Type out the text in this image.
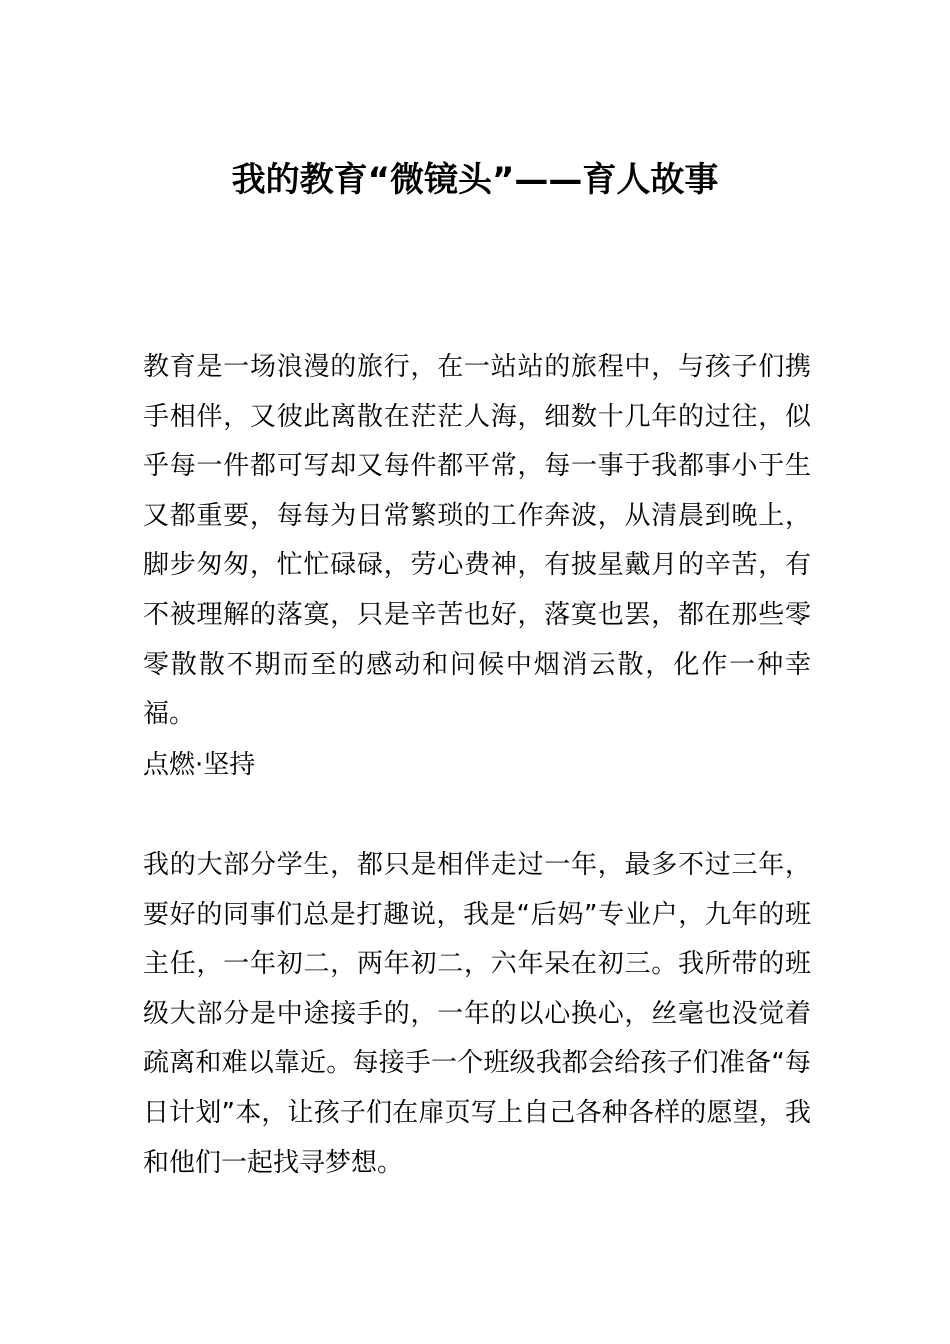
我的教育“微镜头”——育人故事

教育是一场浪漫的旅行，在一站站的旅程中，与孩子们携手相伴，又彼此离散在茫茫人海，细数十几年的过往，似乎每一件都可写却又每件都平常，每一事于我都事小于生又都重要，每每为日常繁琐的工作奔波，从清晨到晚上，脚步匆匆，忙忙碌碌，劳心费神，有披星戴月的辛苦，有不被理解的落寞，只是辛苦也好，落寞也罢，都在那些零零散散不期而至的感动和问候中烟消云散，化作一种幸福。

点燃·坚持

我的大部分学生，都只是相伴走过一年，最多不过三年，要好的同事们总是打趣说，我是“后妈”专业户，九年的班主任，一年初二，两年初二，六年呆在初三。我所带的班级大部分是中途接手的，一年的以心换心，丝毫也没觉着疏离和难以靠近。每接手一个班级我都会给孩子们准备“每日计划”本，让孩子们在扉页写上自己各种各样的愿望，我和他们一起找寻梦想。
